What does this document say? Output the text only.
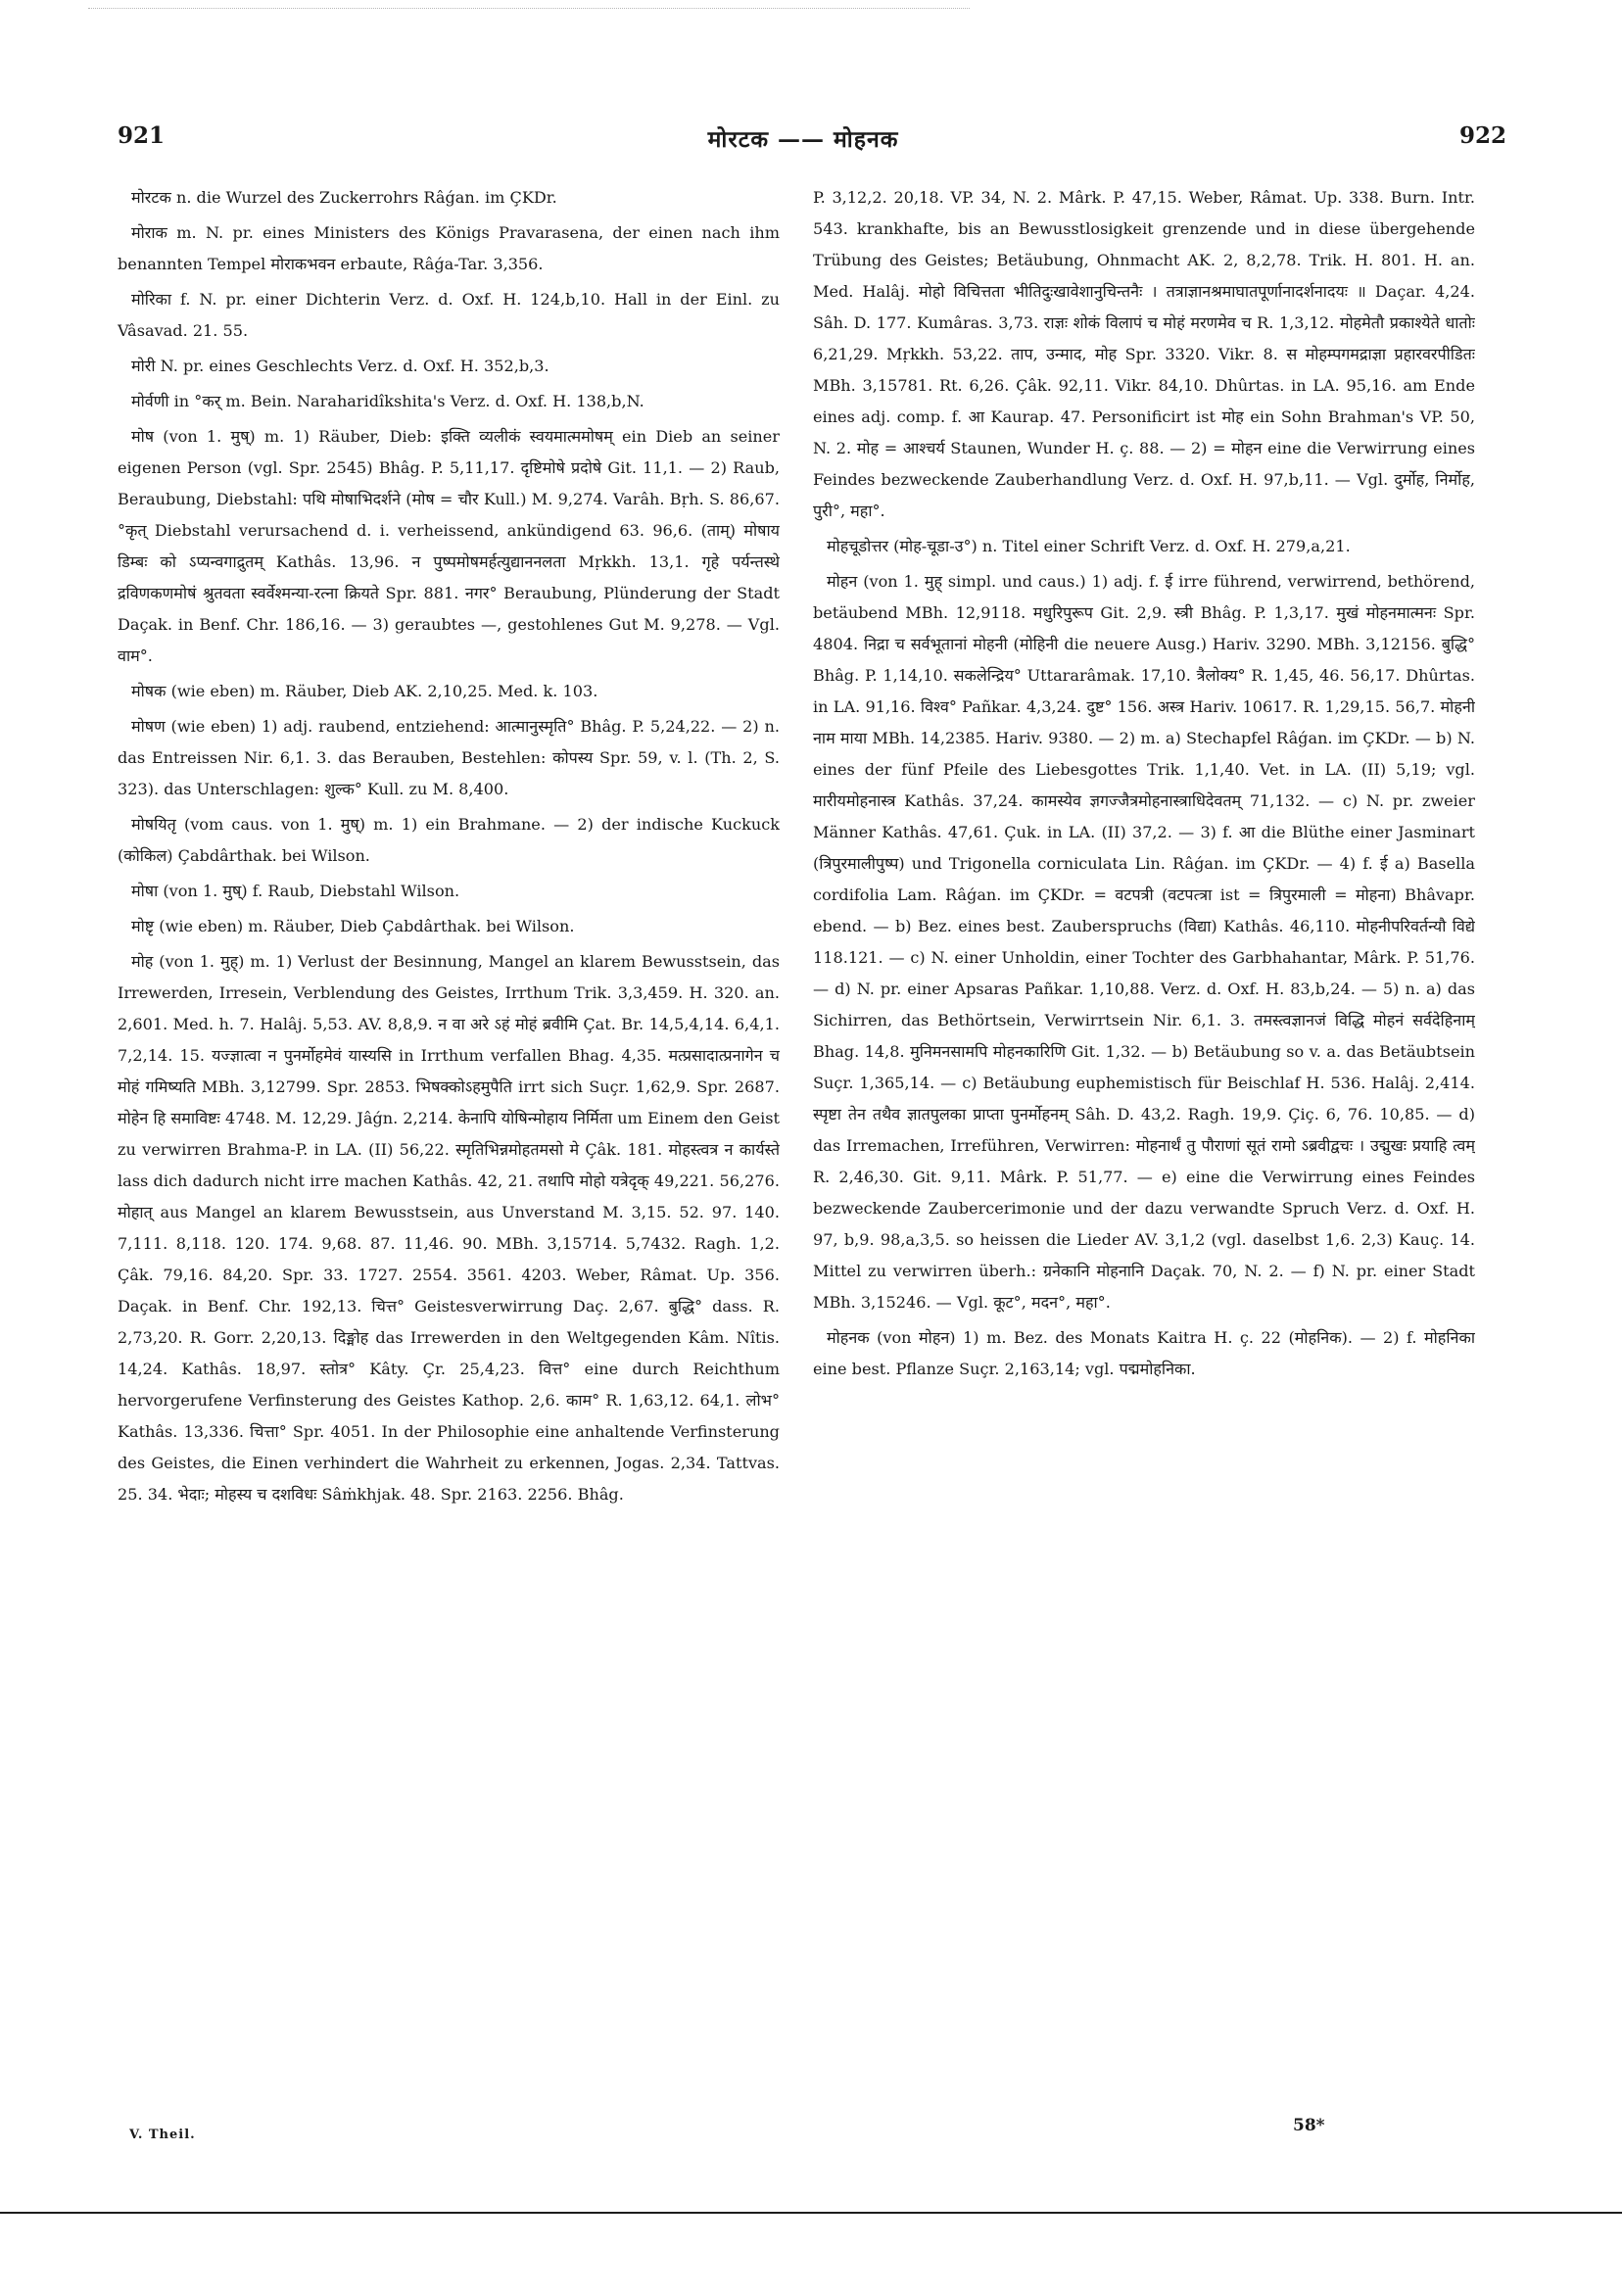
921	मोरटक —— मोहनक	922

मोरटक n. die Wurzel des Zuckerrohrs Râǵan. im ÇKDr.

मोराक m. N. pr. eines Ministers des Königs Pravarasena, der einen nach ihm benannten Tempel मोराकभवन erbaute, Râǵa-Tar. 3,356.

मोरिका f. N. pr. einer Dichterin Verz. d. Oxf. H. 124,b,10. Hall in der Einl. zu Vâsavad. 21. 55.

मोरी N. pr. eines Geschlechts Verz. d. Oxf. H. 352,b,3.

मोर्वणी in °कर् m. Bein. Naraharidîkshita's Verz. d. Oxf. H. 138,b,N.

मोष (von 1. मुष्) m. 1) Räuber, Dieb: इक्ति व्यलीकं स्वयमात्ममोषम् ein Dieb an seiner eigenen Person (vgl. Spr. 2545) Bhâg. P. 5,11,17. दृष्टिमोषे प्रदोषे Git. 11,1. — 2) Raub, Beraubung, Diebstahl: पथि मोषाभिदर्शने (मोष = चौर Kull.) M. 9,274. Varâh. Bṛh. S. 86,67. °कृत् Diebstahl verursachend d. i. verheissend, ankündigend 63. 96,6. (ताम्) मोषाय डिम्बः को ऽप्यन्वगाद्रुतम् Kathâs. 13,96. न पुष्पमोषमर्हत्युद्याननलता Mṛkkh. 13,1. गृहे पर्यन्तस्थे द्रविणकणमोषं श्रुतवता स्वर्वेश्मन्या-रत्ना क्रियते Spr. 881. नगर° Beraubung, Plünderung der Stadt Daçak. in Benf. Chr. 186,16. — 3) geraubtes —, gestohlenes Gut M. 9,278. — Vgl. वाम°.

मोषक (wie eben) m. Räuber, Dieb AK. 2,10,25. Med. k. 103.

मोषण (wie eben) 1) adj. raubend, entziehend: आत्मानुस्मृति° Bhâg. P. 5,24,22. — 2) n. das Entreissen Nir. 6,1. 3. das Berauben, Bestehlen: कोपस्य Spr. 59, v. l. (Th. 2, S. 323). das Unterschlagen: शुल्क° Kull. zu M. 8,400.

मोषयितृ (vom caus. von 1. मुष्) m. 1) ein Brahmane. — 2) der indische Kuckuck (कोकिल) Çabdârthak. bei Wilson.

मोषा (von 1. मुष्) f. Raub, Diebstahl Wilson.

मोष्टृ (wie eben) m. Räuber, Dieb Çabdârthak. bei Wilson.

मोह (von 1. मुह्) m. 1) Verlust der Besinnung, Mangel an klarem Bewusstsein, das Irrewerden, Irresein, Verblendung des Geistes, Irrthum Trik. 3,3,459. H. 320. an. 2,601. Med. h. 7. Halâj. 5,53. AV. 8,8,9. न वा अरे ऽहं मोहं ब्रवीमि Çat. Br. 14,5,4,14. 6,4,1. 7,2,14. 15. यज्ज्ञात्वा न पुनर्मोहमेवं यास्यसि in Irrthum verfallen Bhag. 4,35. मत्प्रसादात्प्रनागेन च मोहं गमिष्यति MBh. 3,12799. Spr. 2853. भिषक्कोऽहमुपैति irrt sich Suçr. 1,62,9. Spr. 2687. मोहेन हि समाविष्टः 4748. M. 12,29. Jâǵn. 2,214. केनापि योषिन्मोहाय निर्मिता um Einem den Geist zu verwirren Brahma-P. in LA. (II) 56,22. स्मृतिभिन्नमोहतमसो मे Çâk. 181. मोहस्त्वत्र न कार्यस्ते lass dich dadurch nicht irre machen Kathâs. 42, 21. तथापि मोहो यत्रेदृक् 49,221. 56,276. मोहात् aus Mangel an klarem Bewusstsein, aus Unverstand M. 3,15. 52. 97. 140. 7,111. 8,118. 120. 174. 9,68. 87. 11,46. 90. MBh. 3,15714. 5,7432. Ragh. 1,2. Çâk. 79,16. 84,20. Spr. 33. 1727. 2554. 3561. 4203. Weber, Râmat. Up. 356. Daçak. in Benf. Chr. 192,13. चित्त° Geistesverwirrung Daç. 2,67. बुद्धि° dass. R. 2,73,20. R. Gorr. 2,20,13. दिङ्मोह das Irrewerden in den Weltgegenden Kâm. Nîtis. 14,24. Kathâs. 18,97. स्तोत्र° Kâty. Çr. 25,4,23. वित्त° eine durch Reichthum hervorgerufene Verfinsterung des Geistes Kathop. 2,6. काम° R. 1,63,12. 64,1. लोभ° Kathâs. 13,336. चित्ता° Spr. 4051. In der Philosophie eine anhaltende Verfinsterung des Geistes, die Einen verhindert die Wahrheit zu erkennen, Jogas. 2,34. Tattvas. 25. 34. भेदाः; मोहस्य च दशविधः Sâṁkhjak. 48. Spr. 2163. 2256. Bhâg.

P. 3,12,2. 20,18. VP. 34, N. 2. Mârk. P. 47,15. Weber, Râmat. Up. 338. Burn. Intr. 543. krankhafte, bis an Bewusstlosigkeit grenzende und in diese übergehende Trübung des Geistes; Betäubung, Ohnmacht AK. 2, 8,2,78. Trik. H. 801. H. an. Med. Halâj. मोहो विचित्तता भीतिदुःखावेशानुचिन्तनैः । तत्राज्ञानश्रमाघातपूर्णानादर्शनादयः ॥ Daçar. 4,24. Sâh. D. 177. Kumâras. 3,73. राज्ञः शोकं विलापं च मोहं मरणमेव च R. 1,3,12. मोहमेतौ प्रकाश्येते धातोः 6,21,29. Mṛkkh. 53,22. ताप, उन्माद, मोह Spr. 3320. Vikr. 8. स मोहम्पगमद्राज्ञा प्रहारवरपीडितः MBh. 3,15781. Rt. 6,26. Çâk. 92,11. Vikr. 84,10. Dhûrtas. in LA. 95,16. am Ende eines adj. comp. f. आ Kaurap. 47. Personificirt ist मोह ein Sohn Brahman's VP. 50, N. 2. मोह = आश्चर्य Staunen, Wunder H. ç. 88. — 2) = मोहन eine die Verwirrung eines Feindes bezweckende Zauberhandlung Verz. d. Oxf. H. 97,b,11. — Vgl. दुर्मोह, निर्मोह, पुरी°, महा°.

मोहचूडोत्तर (मोह-चूडा-उ°) n. Titel einer Schrift Verz. d. Oxf. H. 279,a,21.

मोहन (von 1. मुह् simpl. und caus.) 1) adj. f. ई irre führend, verwirrend, bethörend, betäubend MBh. 12,9118. मधुरिपुरूप Git. 2,9. स्त्री Bhâg. P. 1,3,17. मुखं मोहनमात्मनः Spr. 4804. निद्रा च सर्वभूतानां मोहनी (मोहिनी die neuere Ausg.) Hariv. 3290. MBh. 3,12156. बुद्धि° Bhâg. P. 1,14,10. सकलेन्द्रिय° Uttararâmak. 17,10. त्रैलोक्य° R. 1,45, 46. 56,17. Dhûrtas. in LA. 91,16. विश्व° Pañkar. 4,3,24. दुष्ट° 156. अस्त्र Hariv. 10617. R. 1,29,15. 56,7. मोहनी नाम माया MBh. 14,2385. Hariv. 9380. — 2) m. a) Stechapfel Râǵan. im ÇKDr. — b) N. eines der fünf Pfeile des Liebesgottes Trik. 1,1,40. Vet. in LA. (II) 5,19; vgl. मारीयमोहनास्त्र Kathâs. 37,24. कामस्येव ज्ञगज्जैत्रमोहनास्त्राधिदेवतम् 71,132. — c) N. pr. zweier Männer Kathâs. 47,61. Çuk. in LA. (II) 37,2. — 3) f. आ die Blüthe einer Jasminart (त्रिपुरमालीपुष्प) und Trigonella corniculata Lin. Râǵan. im ÇKDr. — 4) f. ई a) Basella cordifolia Lam. Râǵan. im ÇKDr. = वटपत्री (वटपत्त्रा ist = त्रिपुरमाली = मोहना) Bhâvapr. ebend. — b) Bez. eines best. Zauberspruchs (विद्या) Kathâs. 46,110. मोहनीपरिवर्तन्यौ विद्ये 118.121. — c) N. einer Unholdin, einer Tochter des Garbhahantar, Mârk. P. 51,76. — d) N. pr. einer Apsaras Pañkar. 1,10,88. Verz. d. Oxf. H. 83,b,24. — 5) n. a) das Sichirren, das Bethörtsein, Verwirrtsein Nir. 6,1. 3. तमस्त्वज्ञानजं विद्धि मोहनं सर्वदेहिनाम् Bhag. 14,8. मुनिमनसामपि मोहनकारिणि Git. 1,32. — b) Betäubung so v. a. das Betäubtsein Suçr. 1,365,14. — c) Betäubung euphemistisch für Beischlaf H. 536. Halâj. 2,414. स्पृष्टा तेन तथैव ज्ञातपुलका प्राप्ता पुनर्मोहनम् Sâh. D. 43,2. Ragh. 19,9. Çiç. 6, 76. 10,85. — d) das Irremachen, Irreführen, Verwirren: मोहनार्थं तु पौराणां सूतं रामो ऽब्रवीद्वचः । उद्मुखः प्रयाहि त्वम् R. 2,46,30. Git. 9,11. Mârk. P. 51,77. — e) eine die Verwirrung eines Feindes bezweckende Zaubercerimonie und der dazu verwandte Spruch Verz. d. Oxf. H. 97, b,9. 98,a,3,5. so heissen die Lieder AV. 3,1,2 (vgl. daselbst 1,6. 2,3) Kauç. 14. Mittel zu verwirren überh.: ग्रनेकानि मोहनानि Daçak. 70, N. 2. — f) N. pr. einer Stadt MBh. 3,15246. — Vgl. कूट°, मदन°, महा°.

मोहनक (von मोहन) 1) m. Bez. des Monats Kaitra H. ç. 22 (मोहनिक). — 2) f. मोहनिका eine best. Pflanze Suçr. 2,163,14; vgl. पद्ममोहनिका.

V. Theil.	58*
